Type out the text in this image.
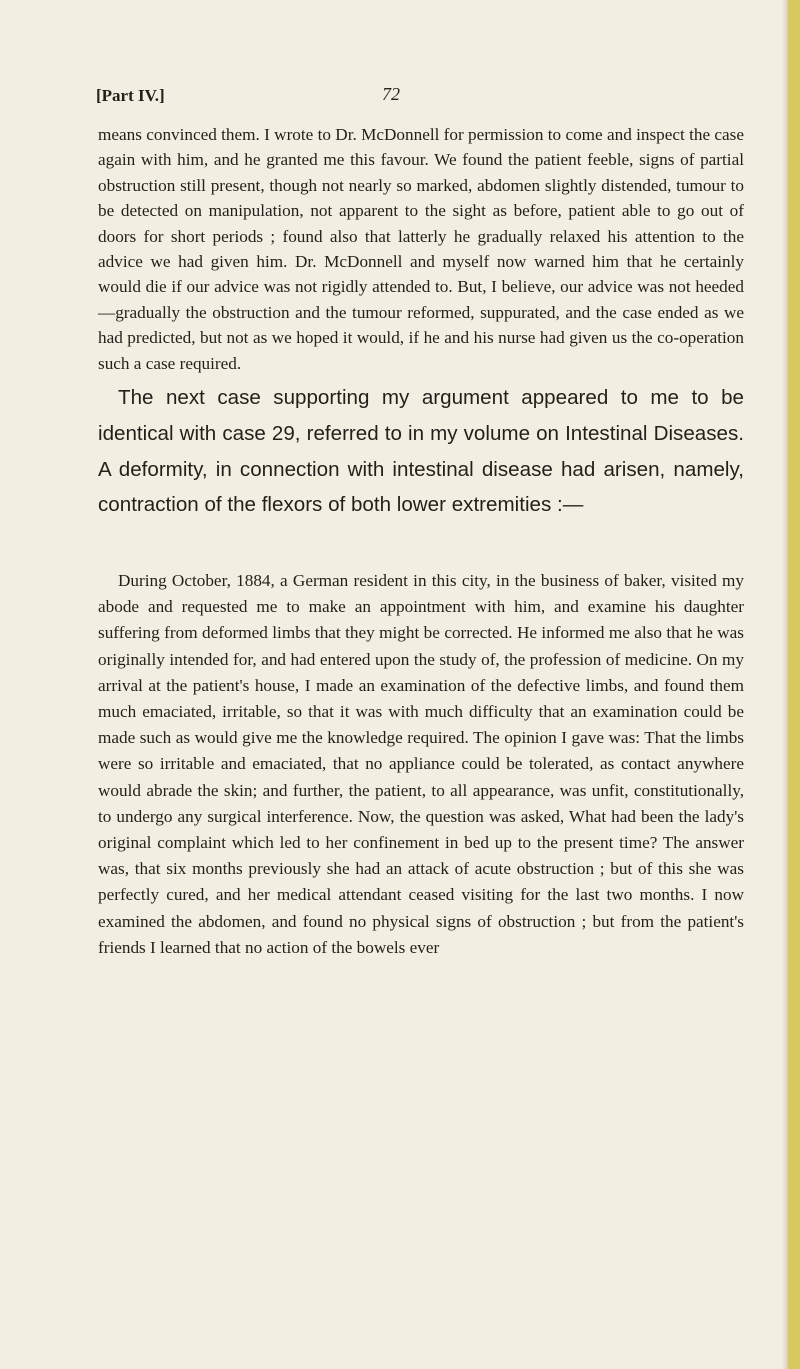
[Part IV.]	72

means convinced them. I wrote to Dr. McDonnell for permission to come and inspect the case again with him, and he granted me this favour. We found the patient feeble, signs of partial obstruction still present, though not nearly so marked, abdomen slightly distended, tumour to be detected on manipulation, not apparent to the sight as before, patient able to go out of doors for short periods ; found also that latterly he gradually relaxed his attention to the advice we had given him. Dr. McDonnell and myself now warned him that he certainly would die if our advice was not rigidly attended to. But, I believe, our advice was not heeded—gradually the obstruction and the tumour reformed, suppurated, and the case ended as we had predicted, but not as we hoped it would, if he and his nurse had given us the co-operation such a case required.

The next case supporting my argument appeared to me to be identical with case 29, referred to in my volume on Intestinal Diseases. A deformity, in connection with intestinal disease had arisen, namely, contraction of the flexors of both lower extremities :—

During October, 1884, a German resident in this city, in the business of baker, visited my abode and requested me to make an appointment with him, and examine his daughter suffering from deformed limbs that they might be corrected. He informed me also that he was originally intended for, and had entered upon the study of, the profession of medicine. On my arrival at the patient's house, I made an examination of the defective limbs, and found them much emaciated, irritable, so that it was with much difficulty that an examination could be made such as would give me the knowledge required. The opinion I gave was: That the limbs were so irritable and emaciated, that no appliance could be tolerated, as contact anywhere would abrade the skin; and further, the patient, to all appearance, was unfit, constitutionally, to undergo any surgical interference. Now, the question was asked, What had been the lady's original complaint which led to her confinement in bed up to the present time? The answer was, that six months previously she had an attack of acute obstruction ; but of this she was perfectly cured, and her medical attendant ceased visiting for the last two months. I now examined the abdomen, and found no physical signs of obstruction ; but from the patient's friends I learned that no action of the bowels ever
